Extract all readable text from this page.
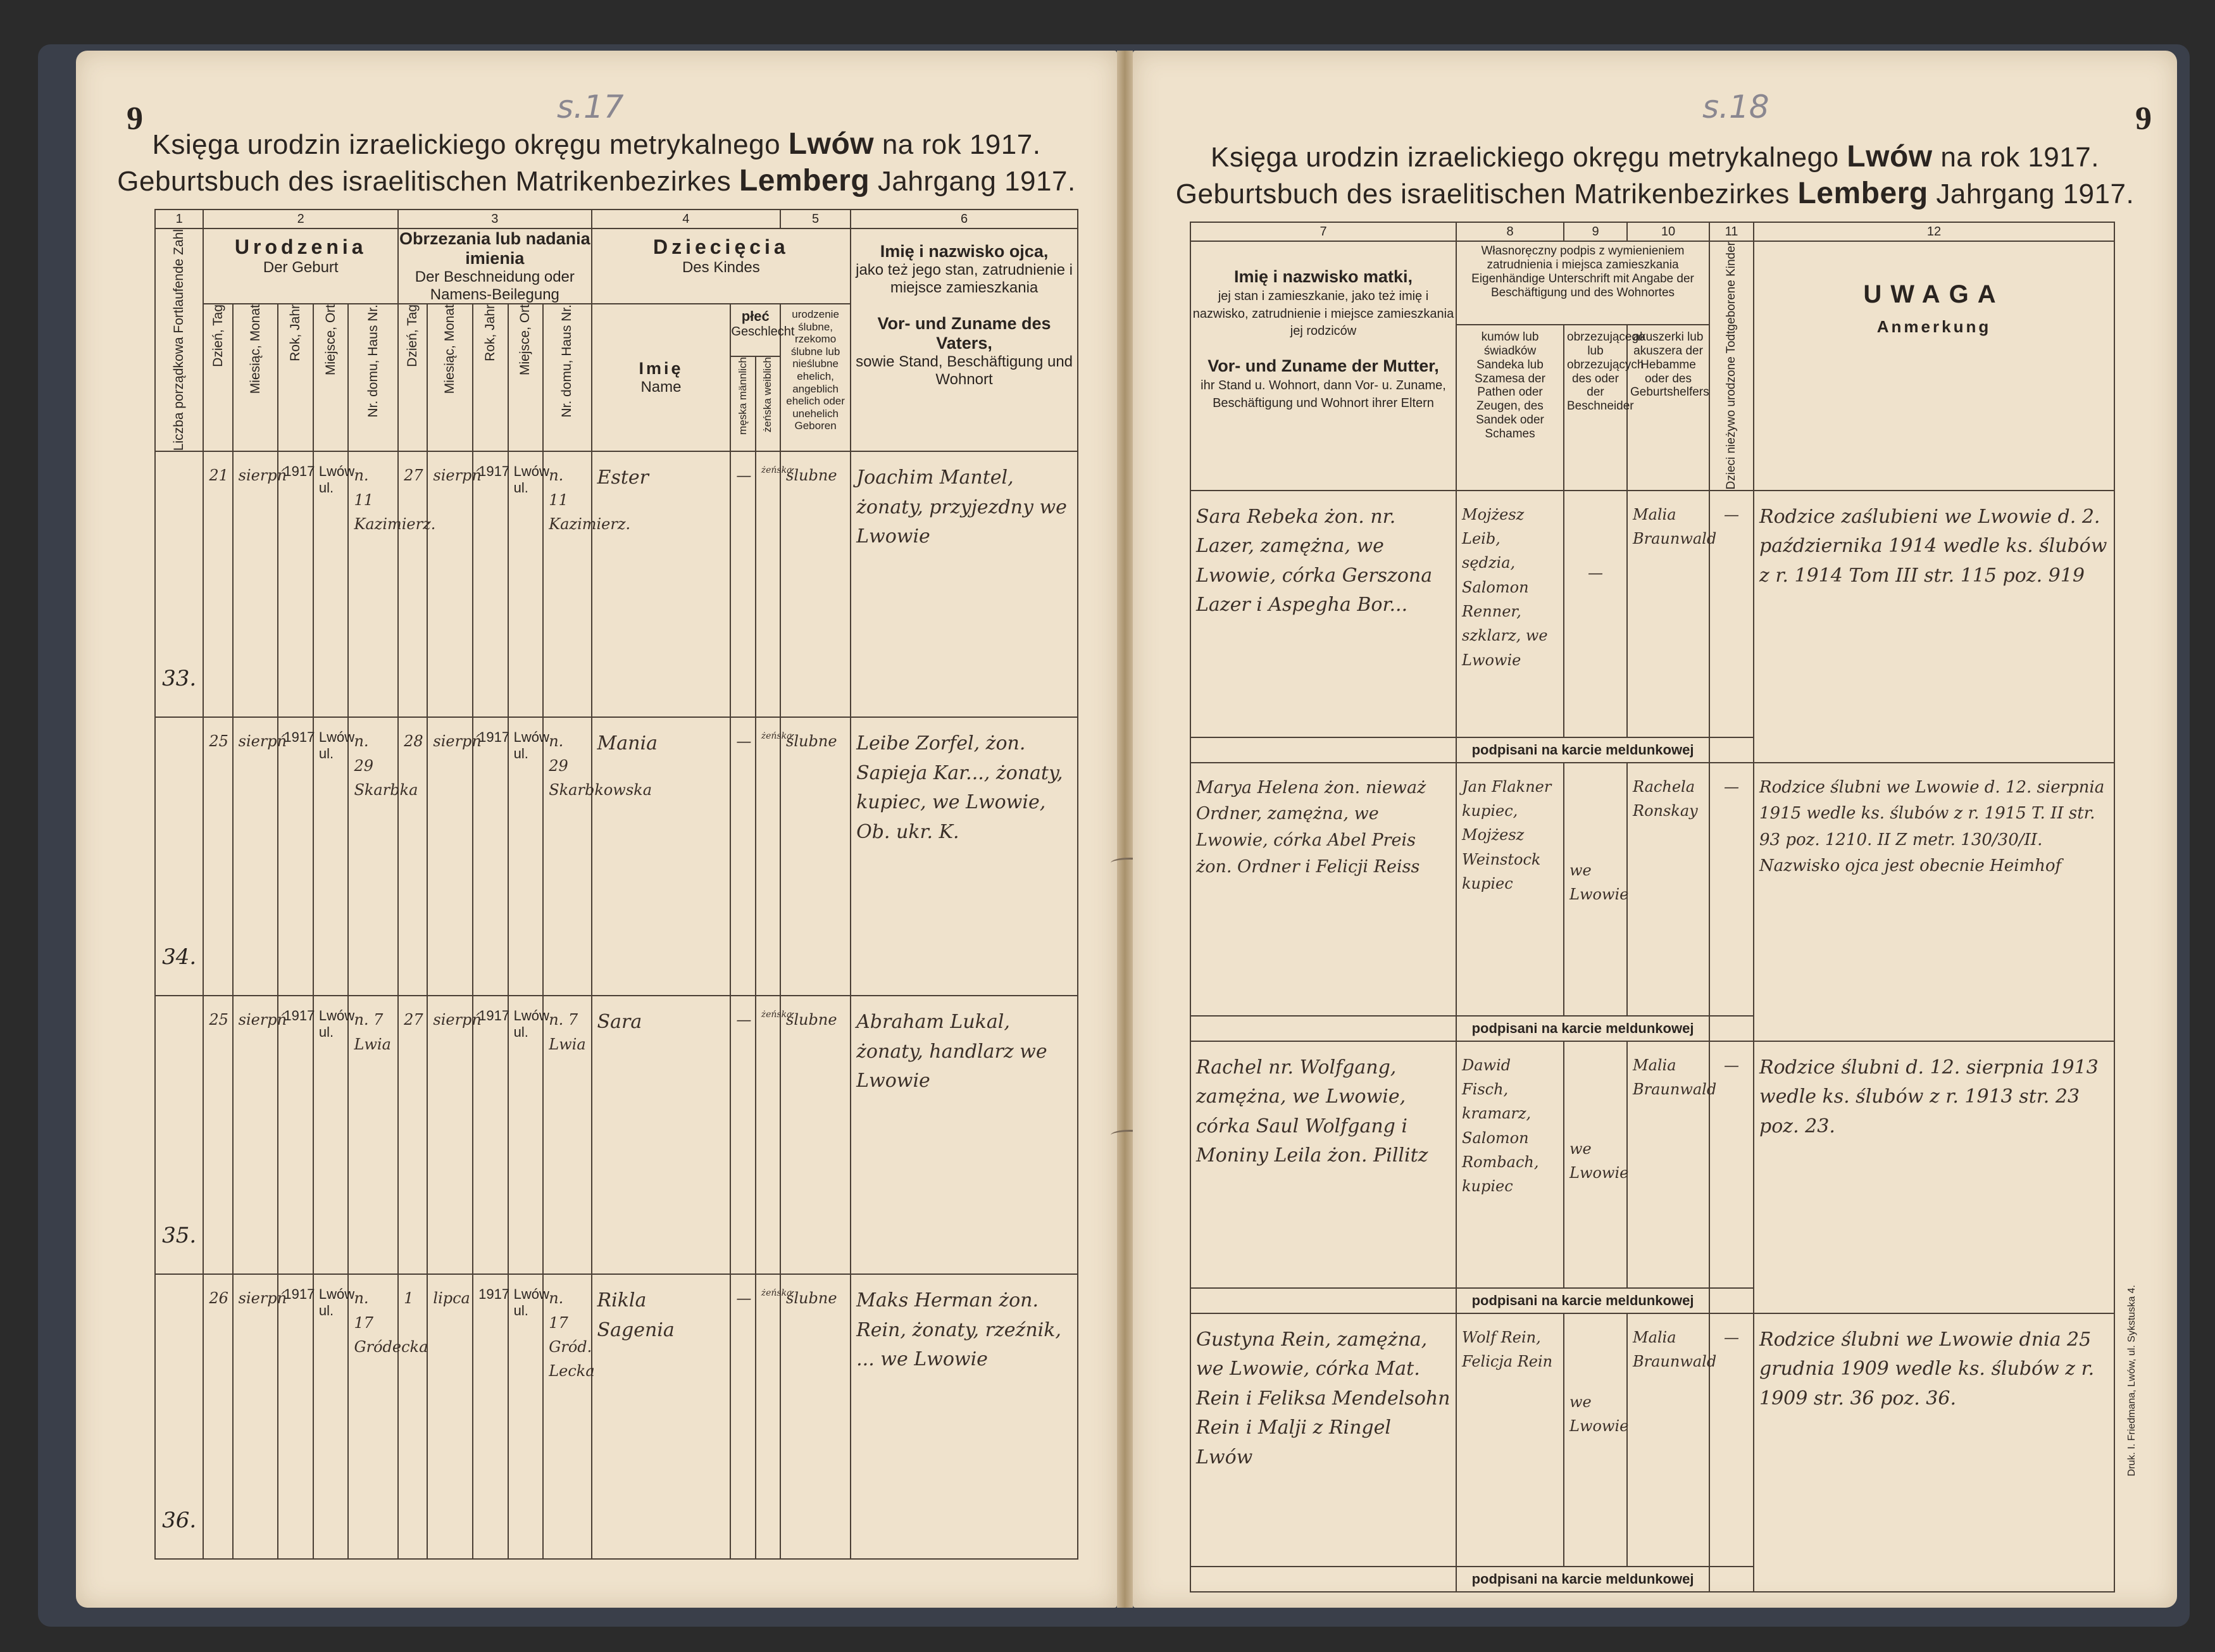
9	s.17
Księga urodzin izraelickiego okręgu metrykalnego Lwów na rok 1917.
Geburtsbuch des israelitischen Matrikenbezirkes Lemberg Jahrgang 1917.
1	2					3					4			5	6

Liczba porządkowa Fortlaufende Zahl	Urodzenia
Der Geburt					Obrzezania lub nadania imienia
Der Beschneidung oder Namens-Beilegung					Dziecięcia
Des Kindes				Imię i nazwisko ojca,
jako też jego stan, zatrudnienie i miejsce zamieszkania

Vor- und Zuname des Vaters,
sowie Stand, Beschäftigung und Wohnort

	Dzień, Tag	Miesiąc, Monat	Rok, Jahr	Miejsce, Ort	Nr. domu, Haus Nr.	Dzień, Tag	Miesiąc, Monat	Rok, Jahr	Miejsce, Ort	Nr. domu, Haus Nr.	Imię
Name	płeć
Geschlecht		urodzenie ślubne, rzekomo ślubne lub nieślubne ehelich, angeblich ehelich oder unehelich Geboren	

												męska männlich	żeńska weiblich		

33.	21	sierpń	1917	Lwów ul.	n. 11 Kazimierz.	27	sierpń	1917	Lwów ul.	n. 11 Kazimierz.	Ester	—	żeńska	ślubne	Joachim Mantel, żonaty, przyjezdny we Lwowie
34.	25	sierpń	1917	Lwów ul.	n. 29 Skarbka	28	sierpń	1917	Lwów ul.	n. 29 Skarbkowska	Mania	—	żeńska	ślubne	Leibe Zorfel, żon. Sapieja Kar..., żonaty, kupiec, we Lwowie, Ob. ukr. K.
35.	25	sierpń	1917	Lwów ul.	n. 7 Lwia	27	sierpń	1917	Lwów ul.	n. 7 Lwia	Sara	—	żeńska	ślubne	Abraham Lukal, żonaty, handlarz we Lwowie
36.	26	sierpń	1917	Lwów ul.	n. 17 Gródecka	1	lipca	1917	Lwów ul.	n. 17 Gród. Lecka	Rikla Sagenia	—	żeńska	ślubne	Maks Herman żon. Rein, żonaty, rzeźnik, ... we Lwowie
9
s.18
Księga urodzin izraelickiego okręgu metrykalnego Lwów na rok 1917.
Geburtsbuch des israelitischen Matrikenbezirkes Lemberg Jahrgang 1917.
7	8	9	10	11	12
Imię i nazwisko matki,
jej stan i zamieszkanie, jako też imię i nazwisko, zatrudnienie i miejsce zamieszkania jej rodziców

Vor- und Zuname der Mutter,
ihr Stand u. Wohnort, dann Vor- u. Zuname, Beschäftigung und Wohnort ihrer Eltern	Własnoręczny podpis z wymienieniem zatrudnienia i miejsca zamieszkania Eigenhändige Unterschrift mit Angabe der Beschäftigung und des Wohnortes			Dzieci nieżywo urodzone Todtgeborene Kinder	UWAGA
Anmerkung

	kumów lub świadków Sandeka lub Szamesa der Pathen oder Zeugen, des Sandek oder Schames	obrzezującego lub obrzezujących des oder der Beschneider	akuszerki lub akuszera der Hebamme oder des Geburtshelfers		
Sara Rebeka żon. nr. Lazer, zamężna, we Lwowie, córka Gerszona Lazer i Aspegha Bor...	Mojżesz Leib, sędzia, Salomon Renner, szklarz, we Lwowie	—	Malia Braunwald	—	Rodzice zaślubieni we Lwowie d. 2. października 1914 wedle ks. ślubów z r. 1914 Tom III str. 115 poz. 919
	podpisani na karcie meldunkowej				
Marya Helena żon. nieważ Ordner, zamężna, we Lwowie, córka Abel Preis żon. Ordner i Felicji Reiss	Jan Flakner kupiec, Mojżesz Weinstock kupiec	we Lwowie	Rachela Ronskay	—	Rodzice ślubni we Lwowie d. 12. sierpnia 1915 wedle ks. ślubów z r. 1915 T. II str. 93 poz. 1210. II Z metr. 130/30/II. Nazwisko ojca jest obecnie Heimhof
	podpisani na karcie meldunkowej				
Rachel nr. Wolfgang, zamężna, we Lwowie, córka Saul Wolfgang i Moniny Leila żon. Pillitz	Dawid Fisch, kramarz, Salomon Rombach, kupiec	we Lwowie	Malia Braunwald	—	Rodzice ślubni d. 12. sierpnia 1913 wedle ks. ślubów z r. 1913 str. 23 poz. 23.
	podpisani na karcie meldunkowej				
Gustyna Rein, zamężna, we Lwowie, córka Mat. Rein i Feliksa Mendelsohn Rein i Malji z Ringel Lwów	Wolf Rein, Felicja Rein	we Lwowie	Malia Braunwald	—	Rodzice ślubni we Lwowie dnia 25 grudnia 1909 wedle ks. ślubów z r. 1909 str. 36 poz. 36.
	podpisani na karcie meldunkowej				
Druk. I. Friedmana, Lwów, ul. Sykstuska 4.
